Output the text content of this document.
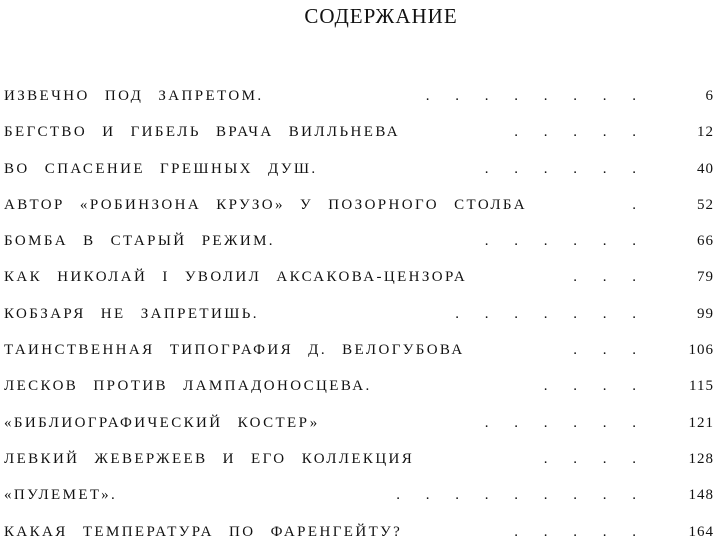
СОДЕРЖАНИЕ
ИЗВЕЧНО ПОД ЗАПРЕТОМ.	. . . . . . . .	6
БЕГСТВО И ГИБЕЛЬ ВРАЧА ВИЛЛЬНЕВА	. . . . .	12
ВО СПАСЕНИЕ ГРЕШНЫХ ДУШ.	. . . . . .	40
АВТОР «РОБИНЗОНА КРУЗО» У ПОЗОРНОГО СТОЛБА	.	52
БОМБА В СТАРЫЙ РЕЖИМ.	. . . . . .	66
КАК НИКОЛАЙ I УВОЛИЛ АКСАКОВА-ЦЕНЗОРА	. . .	79
КОБЗАРЯ НЕ ЗАПРЕТИШЬ.	. . . . . . .	99
ТАИНСТВЕННАЯ ТИПОГРАФИЯ Д. ВЕЛОГУБОВА	. . .	106
ЛЕСКОВ ПРОТИВ ЛАМПАДОНОСЦЕВА.	. . . .	115
«БИБЛИОГРАФИЧЕСКИЙ КОСТЕР»	. . . . . .	121
ЛЕВКИЙ ЖЕВЕРЖЕЕВ И ЕГО КОЛЛЕКЦИЯ	. . . .	128
«ПУЛЕМЕТ».	. . . . . . . . .	148
КАКАЯ ТЕМПЕРАТУРА ПО ФАРЕНГЕЙТУ?	. . . . .	164
